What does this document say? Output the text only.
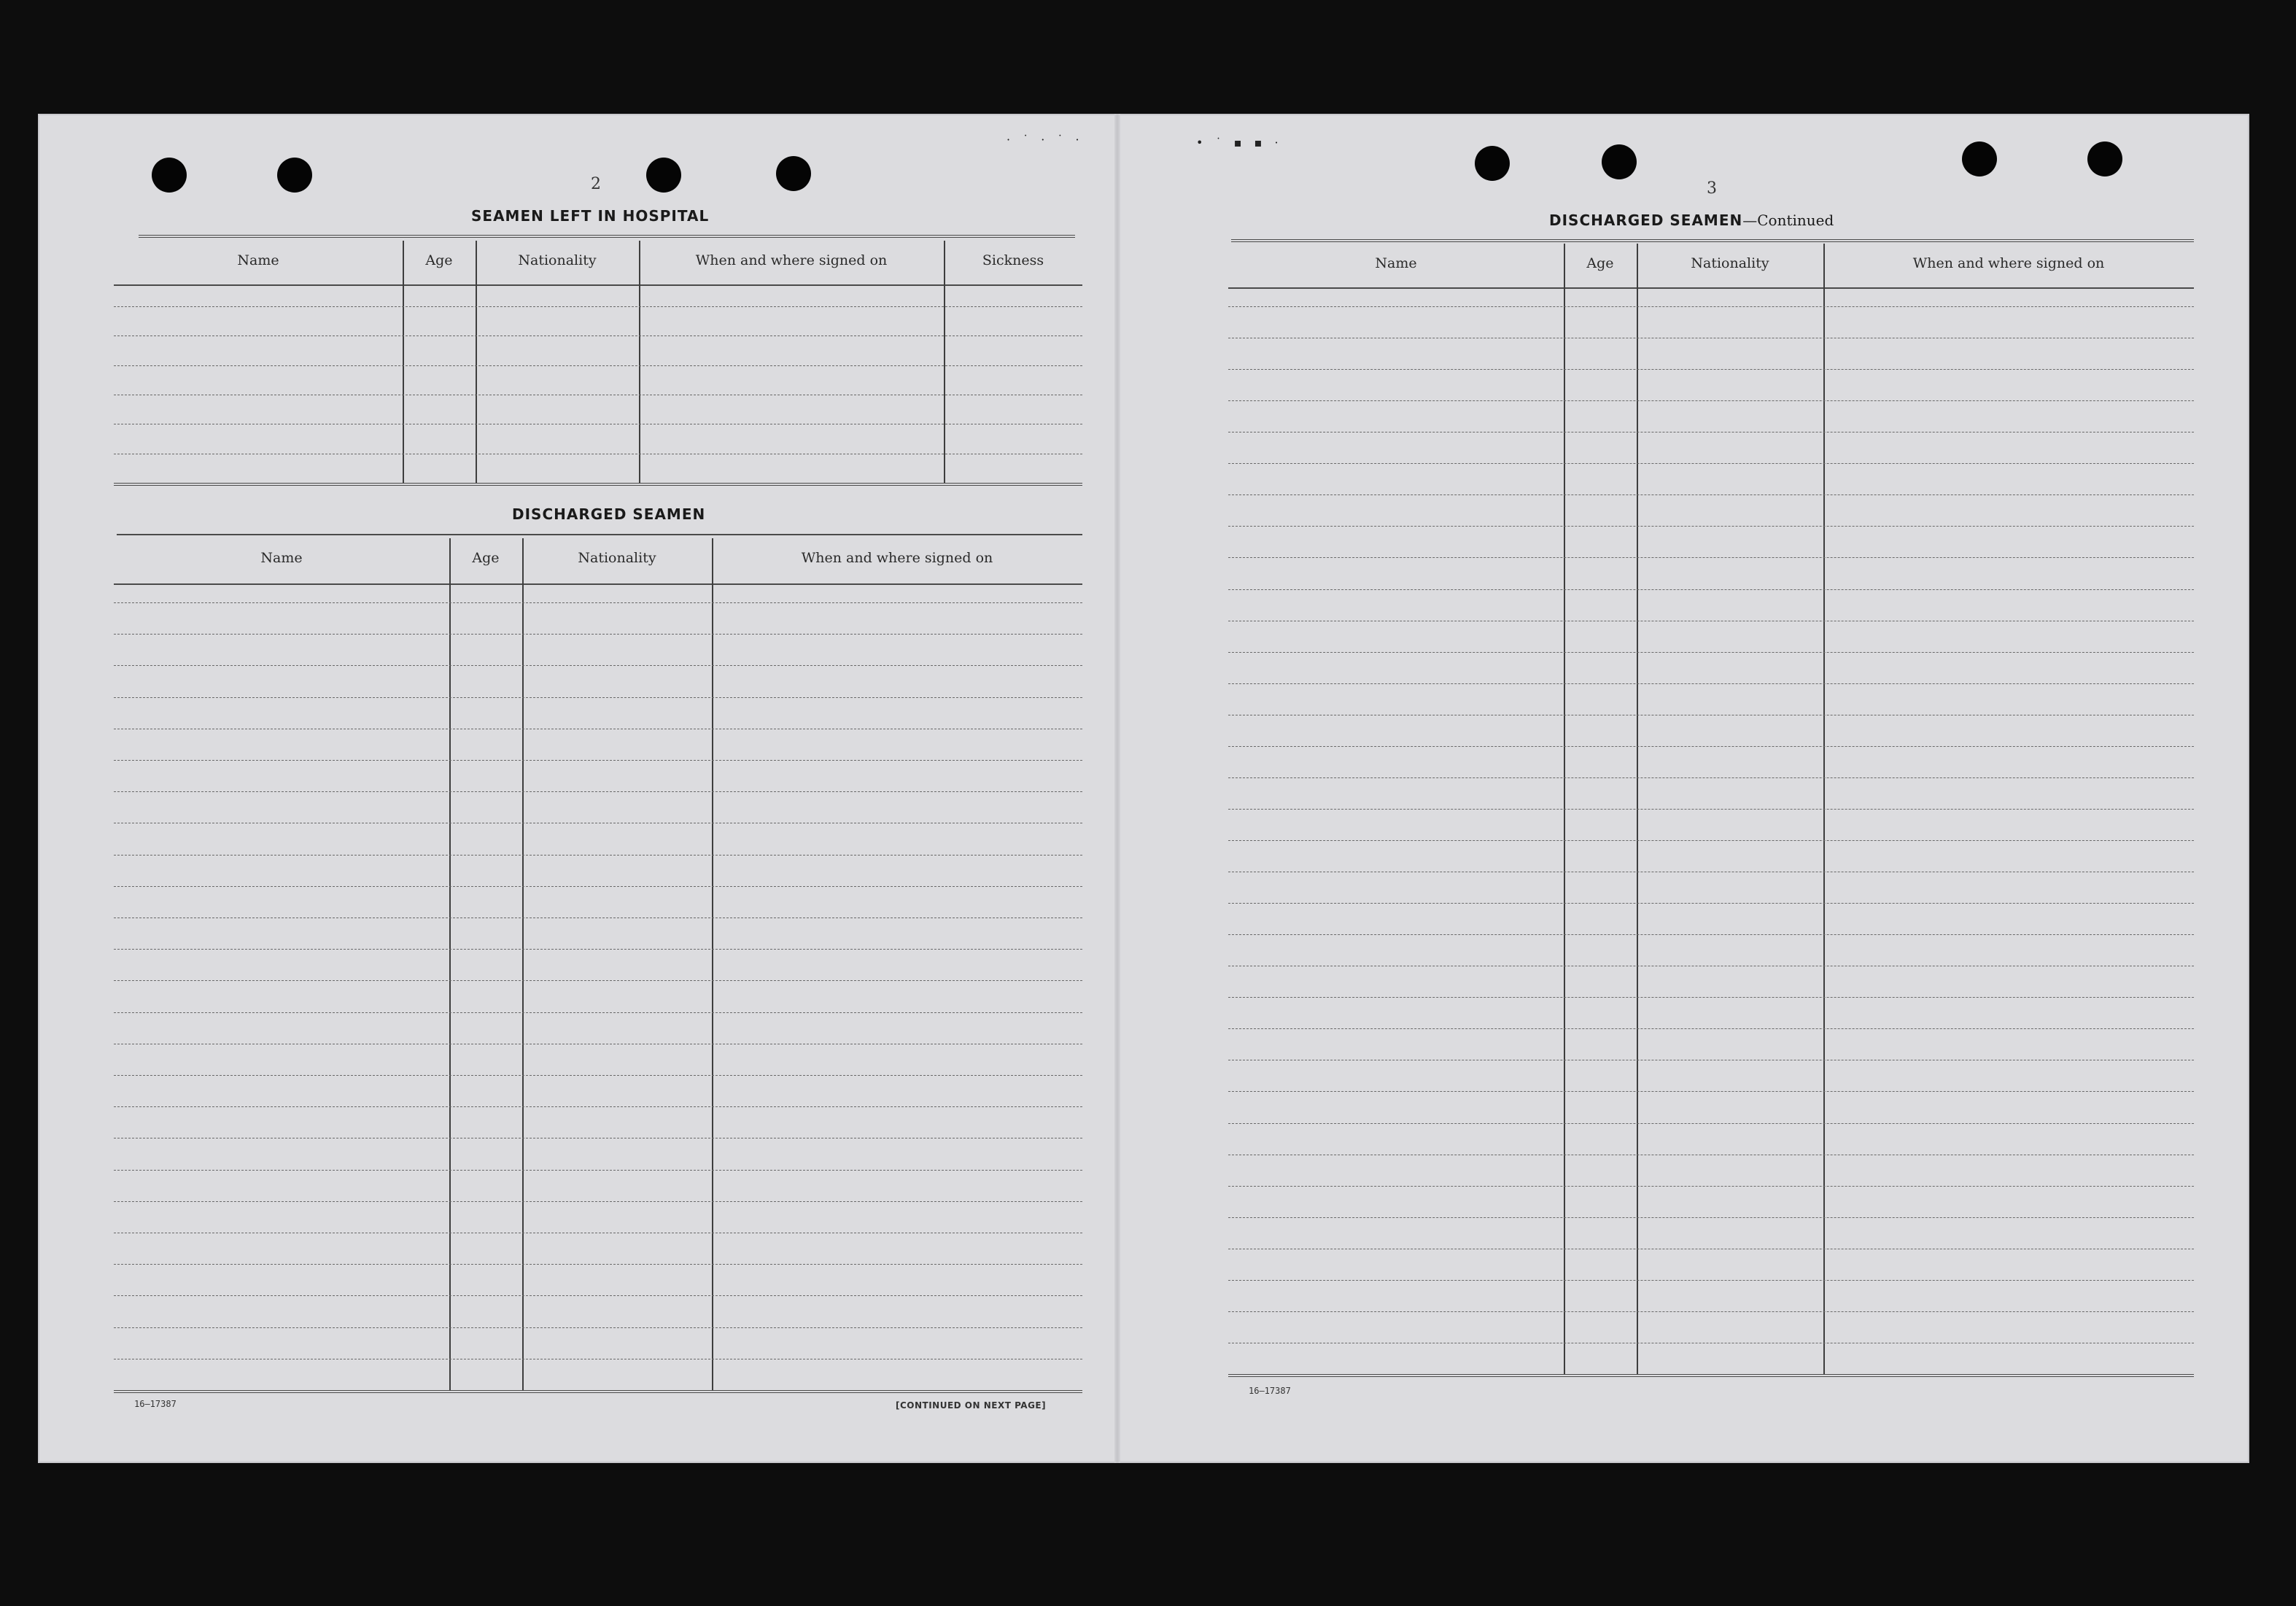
· ˙ · ˙ ·	• ˙ ▪ ▪ ·
2
SEAMEN LEFT IN HOSPITAL
Name	Age	Nationality	When and where signed on	Sickness
DISCHARGED SEAMEN
Name	Age	Nationality	When and where signed on
16—17387	[CONTINUED ON NEXT PAGE]
3
DISCHARGED SEAMEN—Continued
Name	Age	Nationality	When and where signed on
16—17387
